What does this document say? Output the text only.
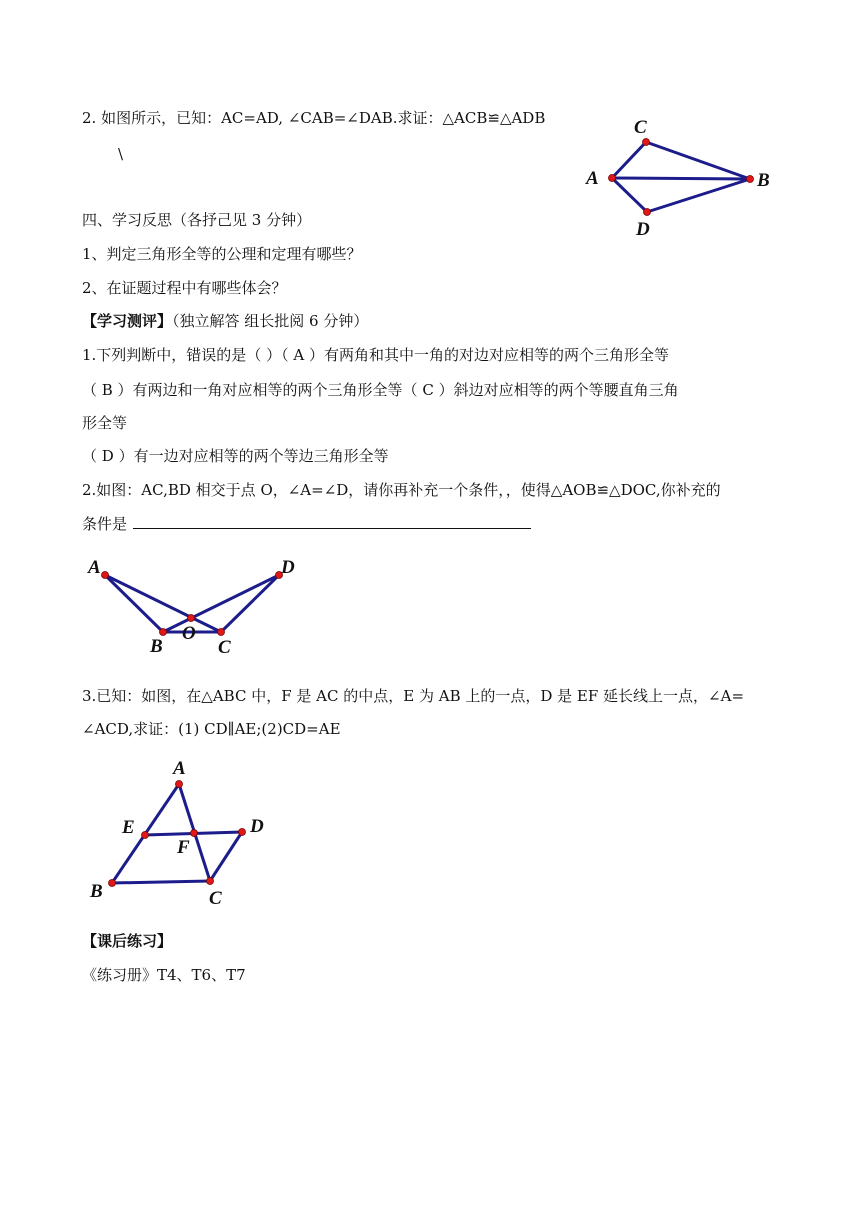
2. 如图所示，已知：AC=AD, ∠CAB=∠DAB.求证：△ACB≌△ADB
\
C
A	B
D
四、学习反思（各抒己见 3 分钟）
1、判定三角形全等的公理和定理有哪些？
2、在证题过程中有哪些体会？
【学习测评】（独立解答 组长批阅 6 分钟）
1.下列判断中，错误的是（ ）（ A ）有两角和其中一角的对边对应相等的两个三角形全等
（ B ）有两边和一角对应相等的两个三角形全等（ C ）斜边对应相等的两个等腰直角三角
形全等
（ D ）有一边对应相等的两个等边三角形全等
2.如图：AC,BD 相交于点 O，∠A=∠D，请你再补充一个条件，，使得△AOB≌△DOC,你补充的
条件是
A	D
B
O
C
3.已知：如图，在△ABC 中，F 是 AC 的中点，E 为 AB 上的一点，D 是 EF 延长线上一点，∠A=
∠ACD,求证：(1) CD∥AE;(2)CD=AE
A
E
F
D
B	C
【课后练习】
《练习册》T4、T6、T7
